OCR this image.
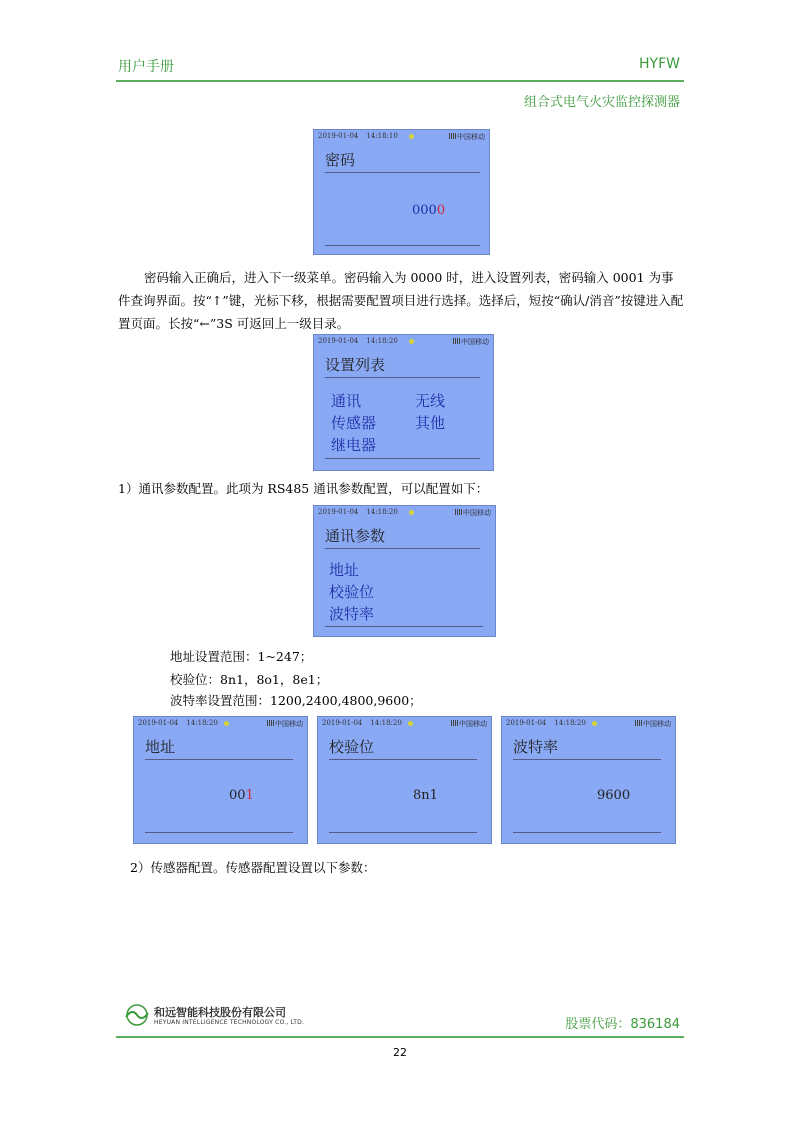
用户手册	HYFW
组合式电气火灾监控探测器
2019-01-04 14:18:10	中国移动
密码
0000
密码输入正确后，进入下一级菜单。密码输入为 0000 时，进入设置列表，密码输入 0001 为事件查询界面。按“↑”键，光标下移，根据需要配置项目进行选择。选择后，短按“确认/消音”按键进入配置页面。长按“←”3S 可返回上一级目录。
2019-01-04 14:18:20	中国移动
设置列表
通讯	无线
传感器	其他
继电器
1）通讯参数配置。此项为 RS485 通讯参数配置，可以配置如下：
2019-01-04 14:18:20	中国移动
通讯参数
地址
校验位
波特率
地址设置范围：1~247；
校验位：8n1，8o1，8e1；
波特率设置范围：1200,2400,4800,9600；
2019-01-04 14:18:20	中国移动
地址
001
2019-01-04 14:18:20	中国移动
校验位
8n1
2019-01-04 14:18:20	中国移动
波特率
9600
2）传感器配置。传感器配置设置以下参数：
和远智能科技股份有限公司
HEYUAN INTELLIGENCE TECHNOLOGY CO., LTD.	股票代码：836184
22
